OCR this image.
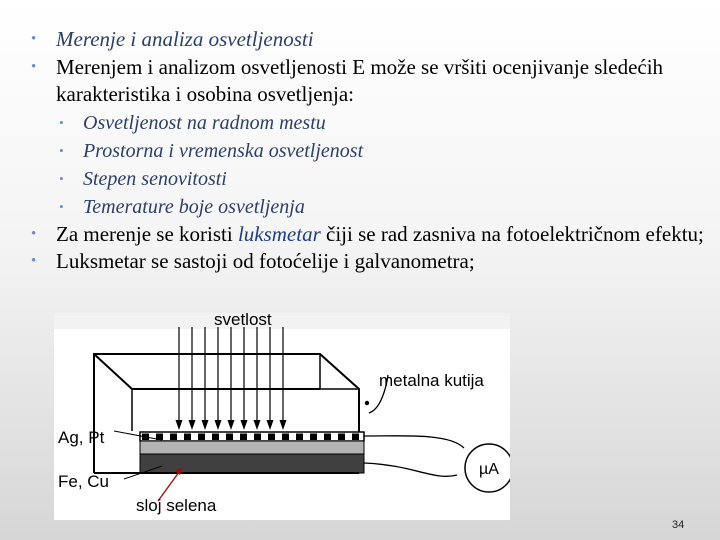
• Merenje i analiza osvetljenosti

• Merenjem i analizom osvetljenosti E može se vršiti ocenjivanje sledećih karakteristika i osobina osvetljenja:

• Osvetljenost na radnom mestu

• Prostorna i vremenska osvetljenost

• Stepen senovitosti

• Temerature boje osvetljenja

• Za merenje se koristi luksmetar čiji se rad zasniva na fotoelektričnom efektu;

• Luksmetar se sastoji od fotoćelije i galvanometra;

svetlost
metalna kutija
Ag, Pt
Fe, Cu
sloj selena
µA
34
